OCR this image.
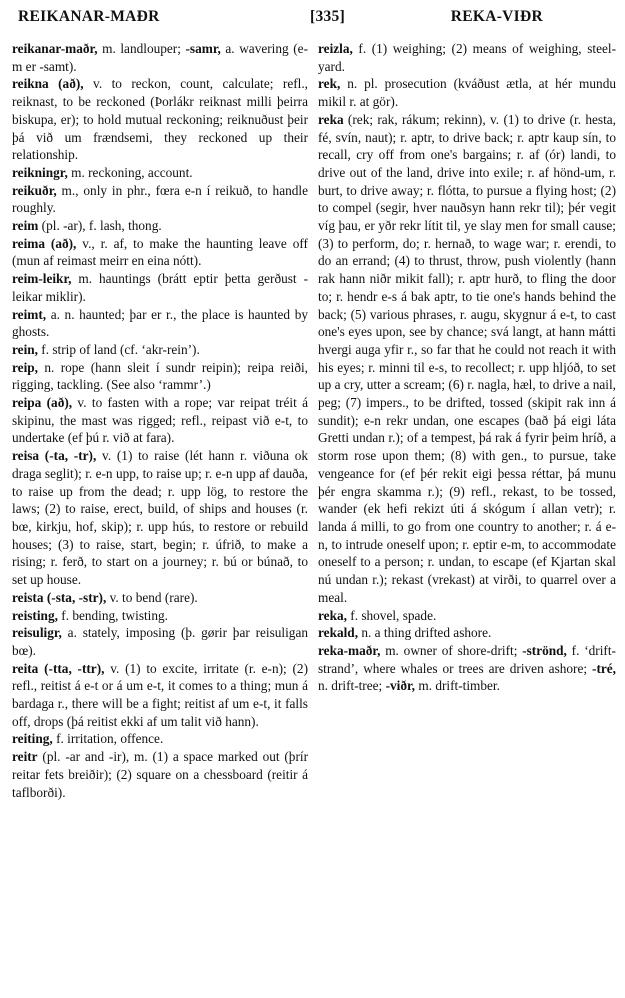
REIKANAR-MAÐR	[335]	REKA-VIÐR

reikanar-maðr, m. landlouper; -samr, a. wavering (e-m er -samt).

reikna (að), v. to reckon, count, calculate; refl., reiknast, to be reckoned (Þorlákr reiknast milli þeirra biskupa, er); to hold mutual reckoning; reiknuðust þeir þá við um frændsemi, they reckoned up their relationship.

reikningr, m. reckoning, account.

reikuðr, m., only in phr., fœra e-n í reikuð, to handle roughly.

reim (pl. -ar), f. lash, thong.

reima (að), v., r. af, to make the haunting leave off (mun af reimast meirr en eina nótt).

reim-leikr, m. hauntings (brátt eptir þetta gerðust -leikar miklir).

reimt, a. n. haunted; þar er r., the place is haunted by ghosts.

rein, f. strip of land (cf. ‘akr-rein’).

reip, n. rope (hann sleit í sundr reipin); reipa reiði, rigging, tackling. (See also ‘rammr’.)

reipa (að), v. to fasten with a rope; var reipat tréit á skipinu, the mast was rigged; refl., reipast við e-t, to undertake (ef þú r. við at fara).

reisa (-ta, -tr), v. (1) to raise (lét hann r. viðuna ok draga seglit); r. e-n upp, to raise up; r. e-n upp af dauða, to raise up from the dead; r. upp lög, to restore the laws; (2) to raise, erect, build, of ships and houses (r. bœ, kirkju, hof, skip); r. upp hús, to restore or rebuild houses; (3) to raise, start, begin; r. úfrið, to make a rising; r. ferð, to start on a journey; r. bú or búnað, to set up house.

reista (-sta, -str), v. to bend (rare).

reisting, f. bending, twisting.

reisuligr, a. stately, imposing (þ. gørir þar reisuligan bœ).

reita (-tta, -ttr), v. (1) to excite, irritate (r. e-n); (2) refl., reitist á e-t or á um e-t, it comes to a thing; mun á bardaga r., there will be a fight; reitist af um e-t, it falls off, drops (þá reitist ekki af um talit við hann).

reiting, f. irritation, offence.

reitr (pl. -ar and -ir), m. (1) a space marked out (þrír reitar fets breiðir); (2) square on a chessboard (reitir á taflborði).

reizla, f. (1) weighing; (2) means of weighing, steel-yard.

rek, n. pl. prosecution (kváðust ætla, at hér mundu mikil r. at gör).

reka (rek; rak, rákum; rekinn), v. (1) to drive (r. hesta, fé, svín, naut); r. aptr, to drive back; r. aptr kaup sín, to recall, cry off from one's bargains; r. af (ór) landi, to drive out of the land, drive into exile; r. af hönd-um, r. burt, to drive away; r. flótta, to pursue a flying host; (2) to compel (segir, hver nauðsyn hann rekr til); þér vegit víg þau, er yðr rekr lítit til, ye slay men for small cause; (3) to perform, do; r. hernað, to wage war; r. erendi, to do an errand; (4) to thrust, throw, push violently (hann rak hann niðr mikit fall); r. aptr hurð, to fling the door to; r. hendr e-s á bak aptr, to tie one's hands behind the back; (5) various phrases, r. augu, skygnur á e-t, to cast one's eyes upon, see by chance; svá langt, at hann mátti hvergi auga yfir r., so far that he could not reach it with his eyes; r. minni til e-s, to recollect; r. upp hljóð, to set up a cry, utter a scream; (6) r. nagla, hæl, to drive a nail, peg; (7) impers., to be drifted, tossed (skipit rak inn á sundit); e-n rekr undan, one escapes (bað þá eigi láta Gretti undan r.); of a tempest, þá rak á fyrir þeim hríð, a storm rose upon them; (8) with gen., to pursue, take vengeance for (ef þér rekit eigi þessa réttar, þá munu þér engra skamma r.); (9) refl., rekast, to be tossed, wander (ek hefi rekizt úti á skógum í allan vetr); r. landa á milli, to go from one country to another; r. á e-n, to intrude oneself upon; r. eptir e-m, to accommodate oneself to a person; r. undan, to escape (ef Kjartan skal nú undan r.); rekast (vrekast) at virði, to quarrel over a meal.

reka, f. shovel, spade.

rekald, n. a thing drifted ashore.

reka-maðr, m. owner of shore-drift; -strönd, f. ‘drift-strand’, where whales or trees are driven ashore; -tré, n. drift-tree; -viðr, m. drift-timber.
